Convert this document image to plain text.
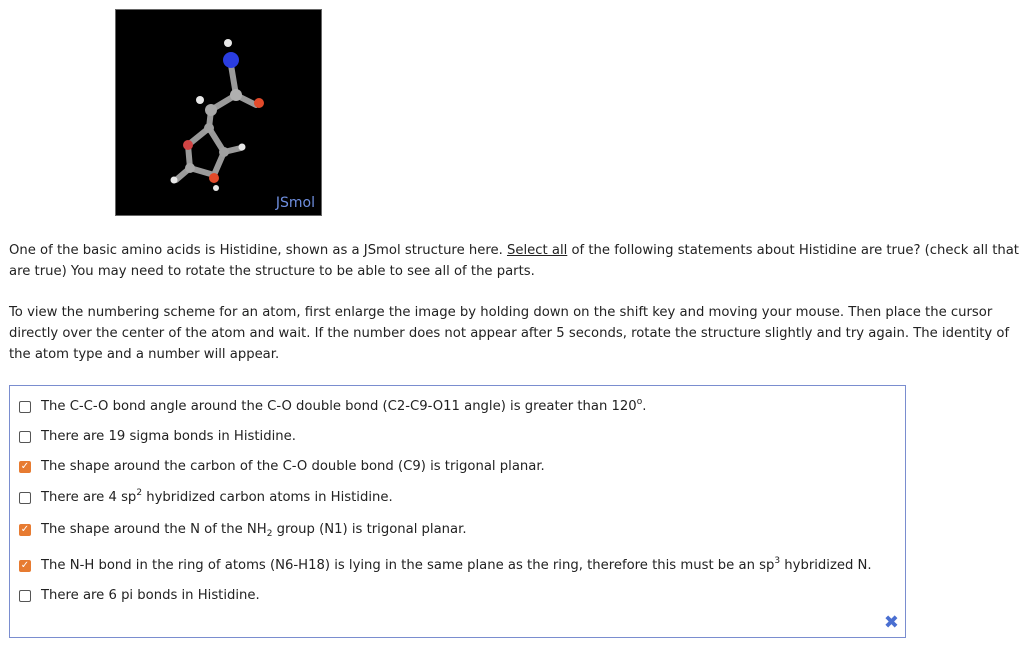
JSmol

One of the basic amino acids is Histidine, shown as a JSmol structure here. Select all of the following statements about Histidine are true? (check all that are true) You may need to rotate the structure to be able to see all of the parts.

To view the numbering scheme for an atom, first enlarge the image by holding down on the shift key and moving your mouse. Then place the cursor directly over the center of the atom and wait. If the number does not appear after 5 seconds, rotate the structure slightly and try again. The identity of the atom type and a number will appear.

The C-C-O bond angle around the C-O double bond (C2-C9-O11 angle) is greater than 120$^o$.
There are 19 sigma bonds in Histidine.
✓ The shape around the carbon of the C-O double bond (C9) is trigonal planar.
There are 4 $sp^2$ hybridized carbon atoms in Histidine.
✓ The shape around the N of the $NH_2$ group (N1) is trigonal planar.
✓ The N-H bond in the ring of atoms (N6-H18) is lying in the same plane as the ring, therefore this must be an $sp^3$ hybridized N.
There are 6 pi bonds in Histidine.
✖
